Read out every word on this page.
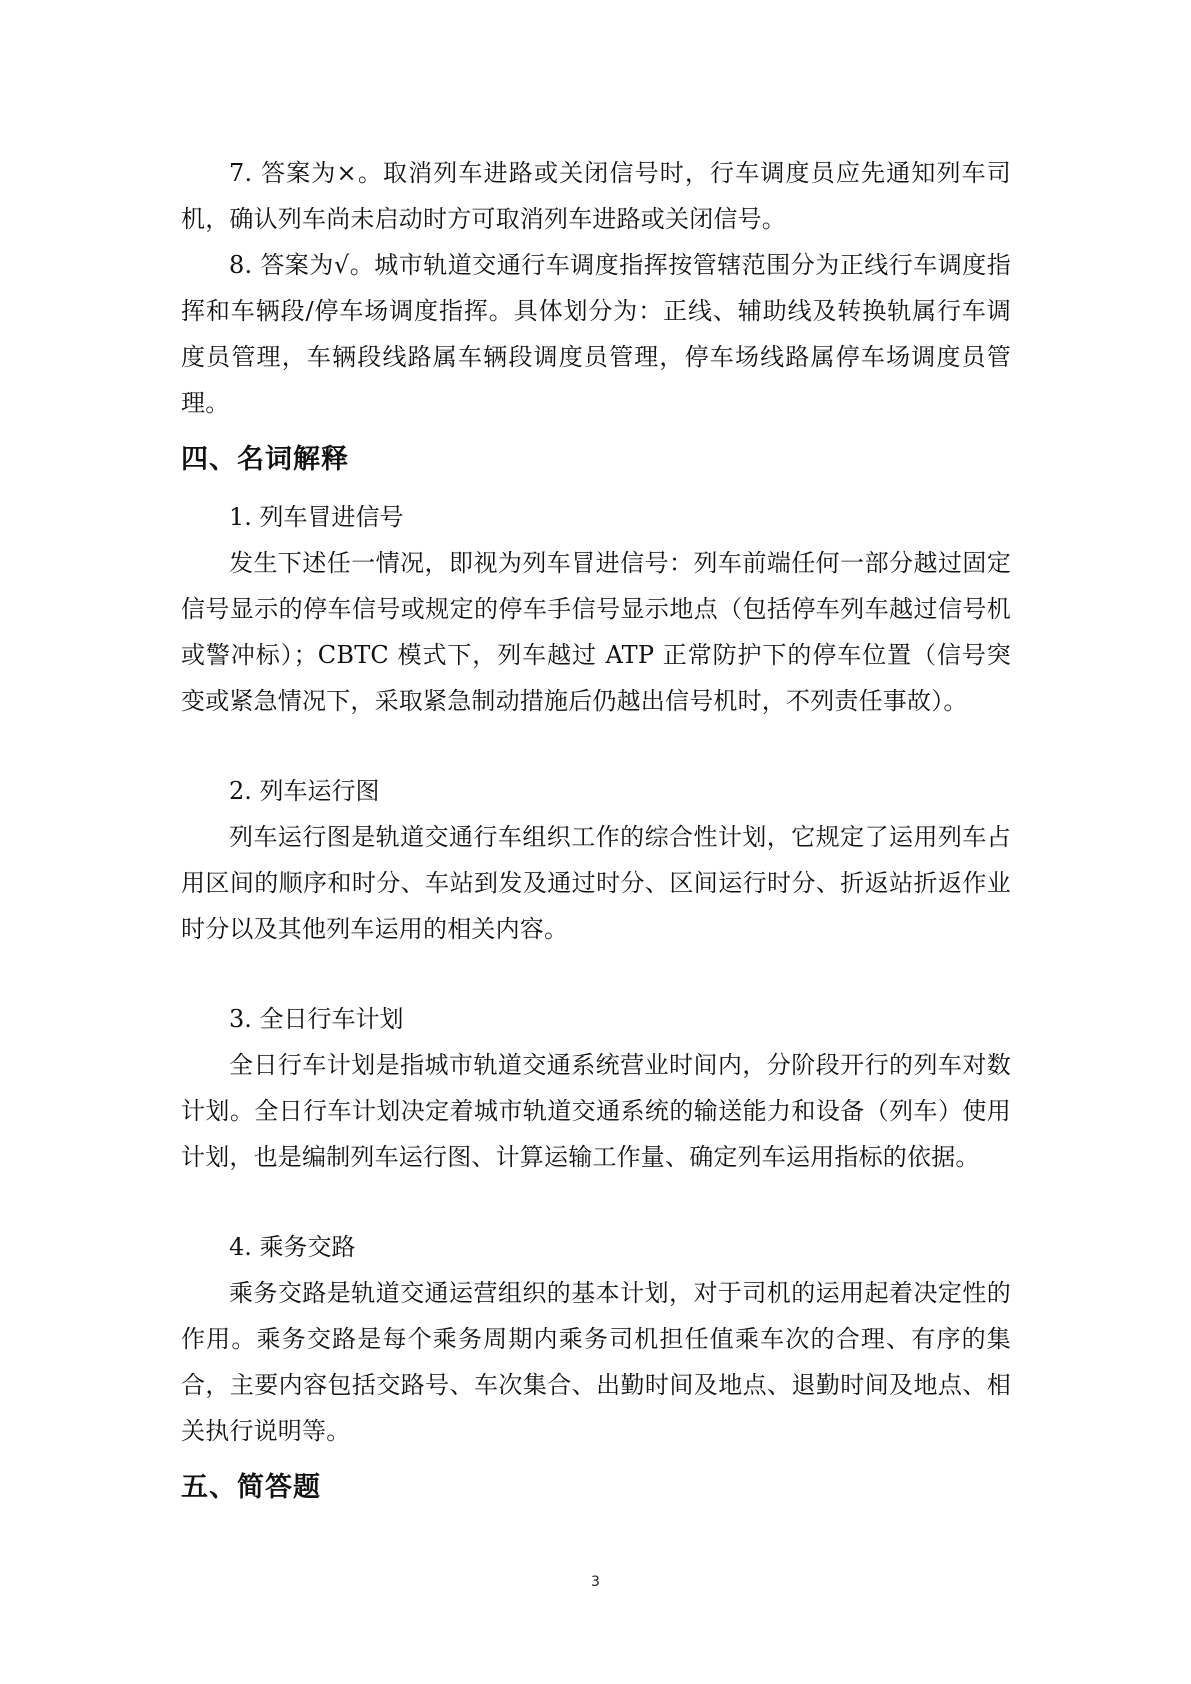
7. 答案为×。取消列车进路或关闭信号时，行车调度员应先通知列车司机，确认列车尚未启动时方可取消列车进路或关闭信号。

8. 答案为√。城市轨道交通行车调度指挥按管辖范围分为正线行车调度指挥和车辆段/停车场调度指挥。具体划分为：正线、辅助线及转换轨属行车调度员管理，车辆段线路属车辆段调度员管理，停车场线路属停车场调度员管理。

四、名词解释

1. 列车冒进信号

发生下述任一情况，即视为列车冒进信号：列车前端任何一部分越过固定信号显示的停车信号或规定的停车手信号显示地点（包括停车列车越过信号机或警冲标）；CBTC 模式下，列车越过 ATP 正常防护下的停车位置（信号突变或紧急情况下，采取紧急制动措施后仍越出信号机时，不列责任事故）。

2. 列车运行图

列车运行图是轨道交通行车组织工作的综合性计划，它规定了运用列车占用区间的顺序和时分、车站到发及通过时分、区间运行时分、折返站折返作业时分以及其他列车运用的相关内容。

3. 全日行车计划

全日行车计划是指城市轨道交通系统营业时间内，分阶段开行的列车对数计划。全日行车计划决定着城市轨道交通系统的输送能力和设备（列车）使用计划，也是编制列车运行图、计算运输工作量、确定列车运用指标的依据。

4. 乘务交路

乘务交路是轨道交通运营组织的基本计划，对于司机的运用起着决定性的作用。乘务交路是每个乘务周期内乘务司机担任值乘车次的合理、有序的集合，主要内容包括交路号、车次集合、出勤时间及地点、退勤时间及地点、相关执行说明等。

五、简答题
3
